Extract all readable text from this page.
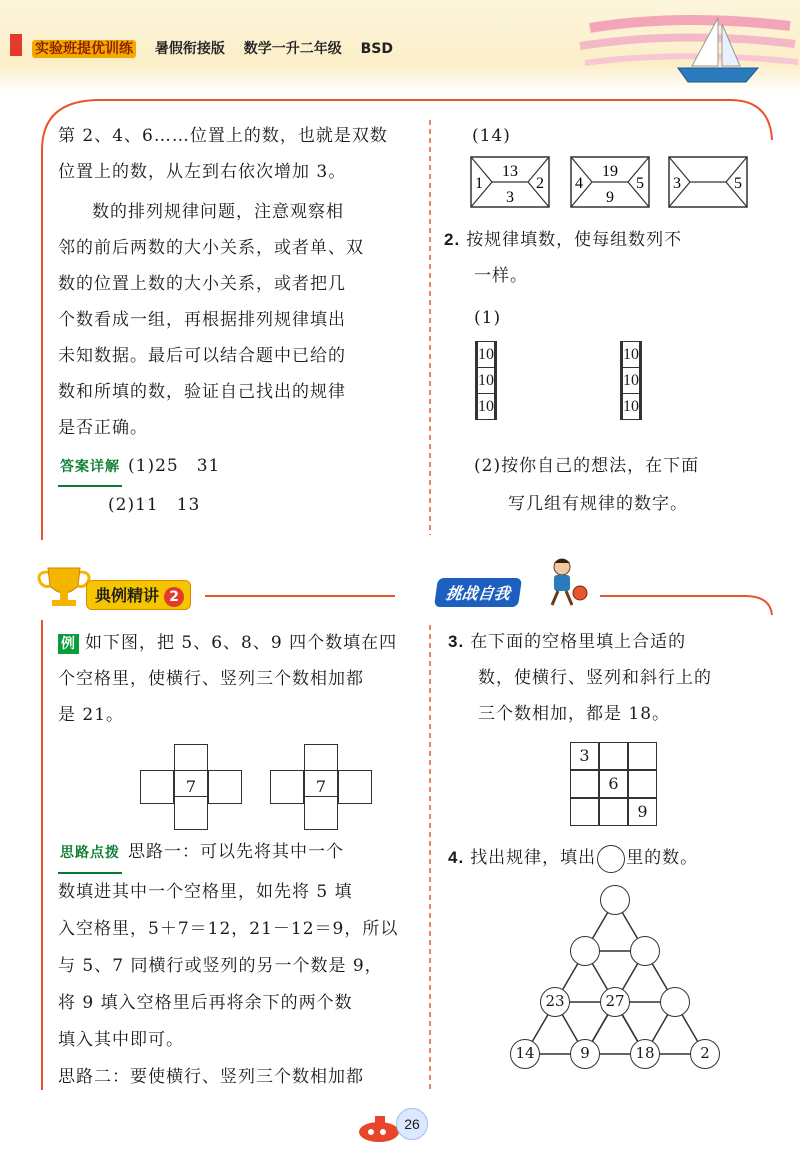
实验班提优训练 暑假衔接版 数学一升二年级 BSD
第 2、4、6……位置上的数，也就是双数
位置上的数，从左到右依次增加 3。
数的排列规律问题，注意观察相
邻的前后两数的大小关系，或者单、双
数的位置上数的大小关系，或者把几
个数看成一组，再根据排列规律填出
未知数据。最后可以结合题中已给的
数和所填的数，验证自己找出的规律
是否正确。
答案详解 (1)25　31
(2)11　13
(14)
13
1
3
2
19
4
9
5 3	5
2. 按规律填数，使每组数列不
一样。
(1)
		10		
		10		
		10		
		10		
		10		
		10		
(2)按你自己的想法，在下面
写几组有规律的数字。
典例精讲 2	挑战自我
例 如下图，把 5、6、8、9 四个数填在四
个空格里，使横行、竖列三个数相加都
是 21。
7	7
思路点拨 思路一：可以先将其中一个
数填进其中一个空格里，如先将 5 填
入空格里，5＋7＝12，21－12＝9，所以
与 5、7 同横行或竖列的另一个数是 9，
将 9 填入空格里后再将余下的两个数
填入其中即可。
思路二：要使横行、竖列三个数相加都
3. 在下面的空格里填上合适的
数，使横行、竖列和斜行上的
三个数相加，都是 18。
3
6
9
4. 找出规律，填出 里的数。
23	27
14	9	18	2
26
